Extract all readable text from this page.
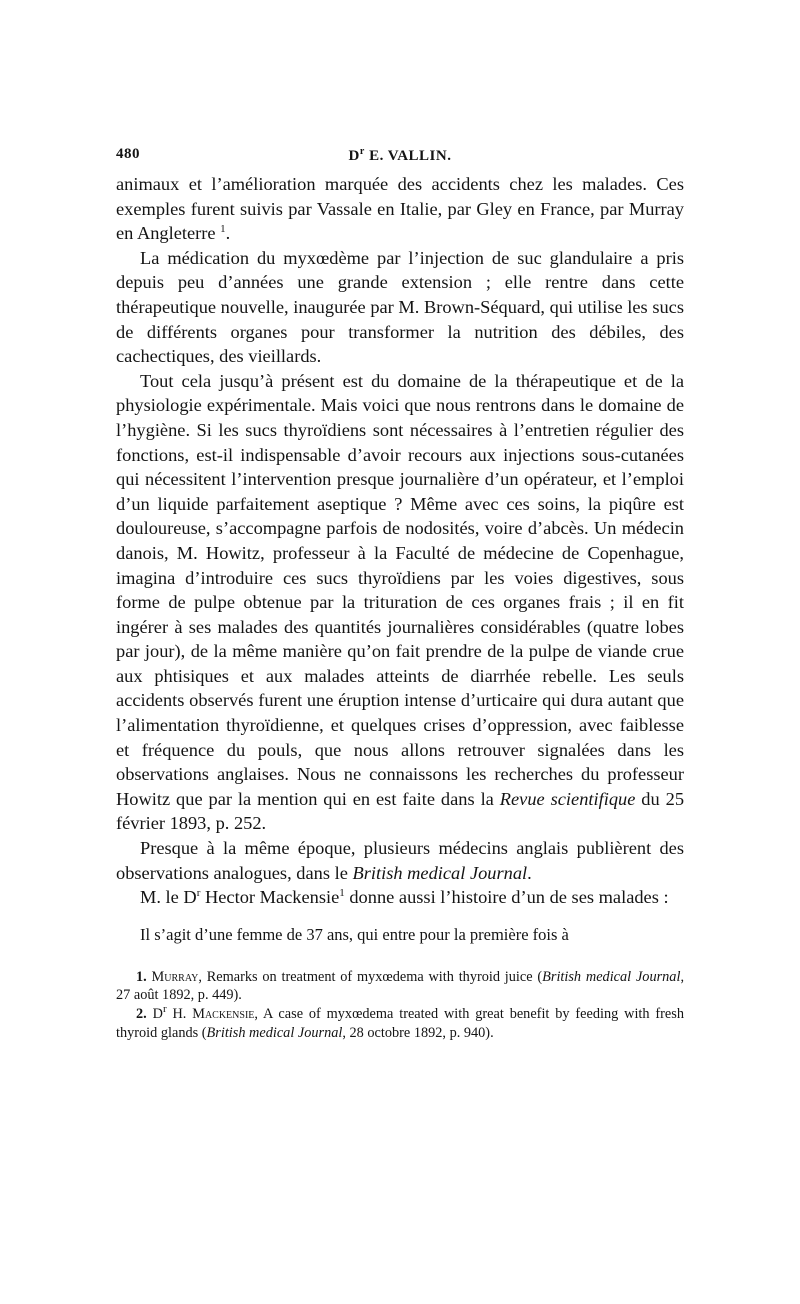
480	$D^r$ E. VALLIN.

animaux et l’amélioration marquée des accidents chez les malades. Ces exemples furent suivis par Vassale en Italie, par Gley en France, par Murray en Angleterre $^1$.

La médication du myxœdème par l’injection de suc glandulaire a pris depuis peu d’années une grande extension ; elle rentre dans cette thérapeutique nouvelle, inaugurée par M. Brown-Séquard, qui utilise les sucs de différents organes pour transformer la nutrition des débiles, des cachectiques, des vieillards.

Tout cela jusqu’à présent est du domaine de la thérapeutique et de la physiologie expérimentale. Mais voici que nous rentrons dans le domaine de l’hygiène. Si les sucs thyroïdiens sont nécessaires à l’entretien régulier des fonctions, est-il indispensable d’avoir recours aux injections sous-cutanées qui nécessitent l’intervention presque journalière d’un opérateur, et l’emploi d’un liquide parfaitement aseptique ? Même avec ces soins, la piqûre est douloureuse, s’accompagne parfois de nodosités, voire d’abcès. Un médecin danois, M. Howitz, professeur à la Faculté de médecine de Copenhague, imagina d’introduire ces sucs thyroïdiens par les voies digestives, sous forme de pulpe obtenue par la trituration de ces organes frais ; il en fit ingérer à ses malades des quantités journalières considérables (quatre lobes par jour), de la même manière qu’on fait prendre de la pulpe de viande crue aux phtisiques et aux malades atteints de diarrhée rebelle. Les seuls accidents observés furent une éruption intense d’urticaire qui dura autant que l’alimentation thyroïdienne, et quelques crises d’oppression, avec faiblesse et fréquence du pouls, que nous allons retrouver signalées dans les observations anglaises. Nous ne connaissons les recherches du professeur Howitz que par la mention qui en est faite dans la Revue scientifique du 25 février 1893, p. 252.

Presque à la même époque, plusieurs médecins anglais publièrent des observations analogues, dans le British medical Journal.

M. le $D^r$ Hector Mackensie$^1$ donne aussi l’histoire d’un de ses malades :

Il s’agit d’une femme de 37 ans, qui entre pour la première fois à

1. Murray, Remarks on treatment of myxœdema with thyroid juice (British medical Journal, 27 août 1892, p. 449).

2. $D^r$ H. Mackensie, A case of myxœdema treated with great benefit by feeding with fresh thyroid glands (British medical Journal, 28 octobre 1892, p. 940).
